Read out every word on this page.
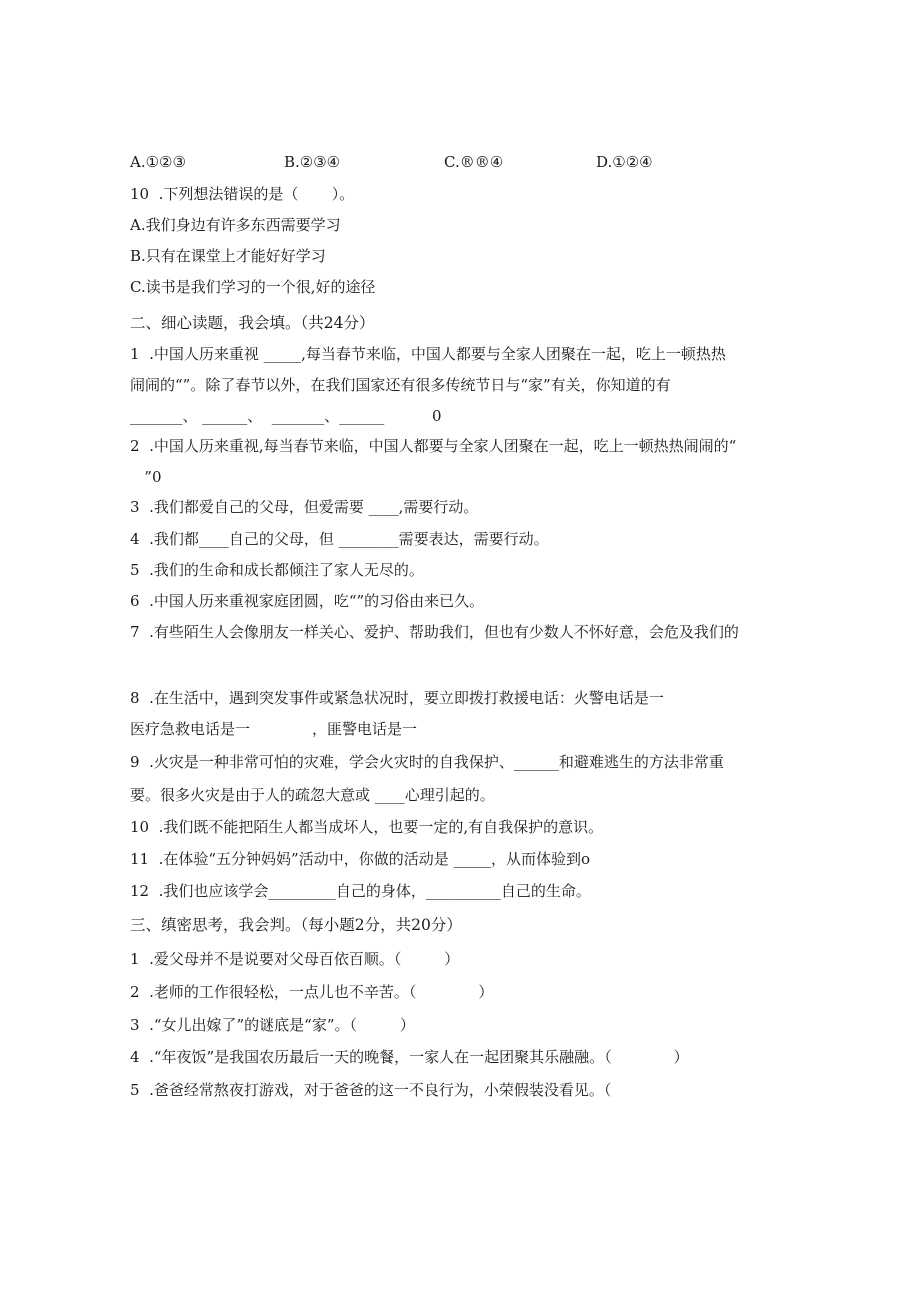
A.①②③	B.②③④	C.®®④	D.①②④
10  .下列想法错误的是（       ）。
A.我们身边有许多东西需要学习
B.只有在课堂上才能好好学习
C.读书是我们学习的一个很,好的途径
二、细心读题，我会填。（共24分）
1  .中国人历来重视 _____,每当春节来临，中国人都要与全家人团聚在一起，吃上一顿热热
闹闹的“”。除了春节以外，在我们国家还有很多传统节日与“家”有关，你知道的有
_______、 ______、  _______、______          0
2  .中国人历来重视,每当春节来临，中国人都要与全家人团聚在一起，吃上一顿热热闹闹的“
”0
3  .我们都爱自己的父母，但爱需要 ____,需要行动。
4  .我们都____自己的父母，但 ________需要表达，需要行动。
5  .我们的生命和成长都倾注了家人无尽的。
6  .中国人历来重视家庭团圆，吃“”的习俗由来已久。
7  .有些陌生人会像朋友一样关心、爱护、帮助我们，但也有少数人不怀好意，会危及我们的
8  .在生活中，遇到突发事件或紧急状况时，要立即拨打救援电话：火警电话是一
医疗急救电话是一             ，匪警电话是一
9  .火灾是一种非常可怕的灾难，学会火灾时的自我保护、______和避难逃生的方法非常重
要。很多火灾是由于人的疏忽大意或 ____心理引起的。
10  .我们既不能把陌生人都当成坏人，也要一定的,有自我保护的意识。
11  .在体验“五分钟妈妈”活动中，你做的活动是 _____，从而体验到o
12  .我们也应该学会_________自己的身体，__________自己的生命。
三、缜密思考，我会判。（每小题2分，共20分）
1  .爱父母并不是说要对父母百依百顺。（         ）
2  .老师的工作很轻松，一点儿也不辛苦。（             ）
3  .“女儿出嫁了”的谜底是“家”。（         ）
4  .“年夜饭”是我国农历最后一天的晚餐，一家人在一起团聚其乐融融。（             ）
5  .爸爸经常熬夜打游戏，对于爸爸的这一不良行为，小荣假装没看见。（
